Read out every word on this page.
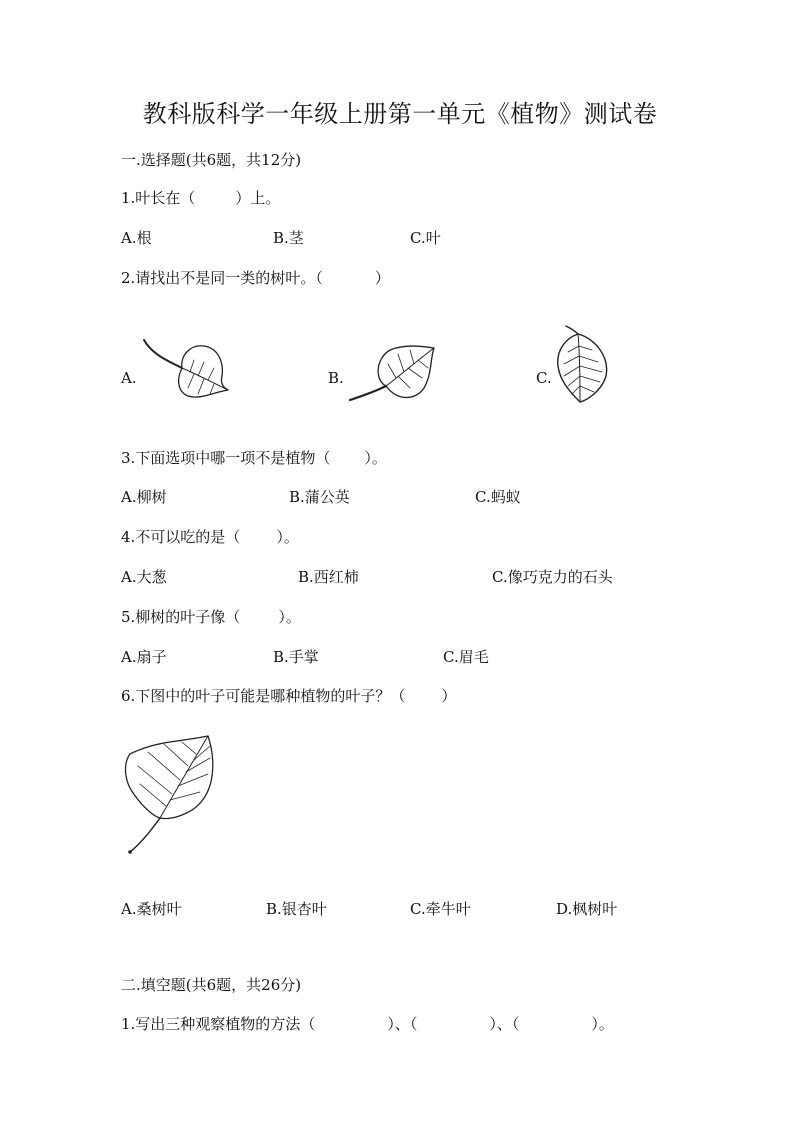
教科版科学一年级上册第一单元《植物》测试卷
一.选择题(共6题，共12分)
1.叶长在（	）上。
A.根	B.茎	C.叶
2.请找出不是同一类的树叶。（	）
A.	B.	C.
3.下面选项中哪一项不是植物（ ）。
A.柳树	B.蒲公英	C.蚂蚁
4.不可以吃的是（ ）。
A.大葱	B.西红柿	C.像巧克力的石头
5.柳树的叶子像（	）。
A.扇子	B.手掌	C.眉毛
6.下图中的叶子可能是哪种植物的叶子？（ ）
A.桑树叶	B.银杏叶	C.牵牛叶	D.枫树叶
二.填空题(共6题，共26分)
1.写出三种观察植物的方法（	）、（	）、（	）。
